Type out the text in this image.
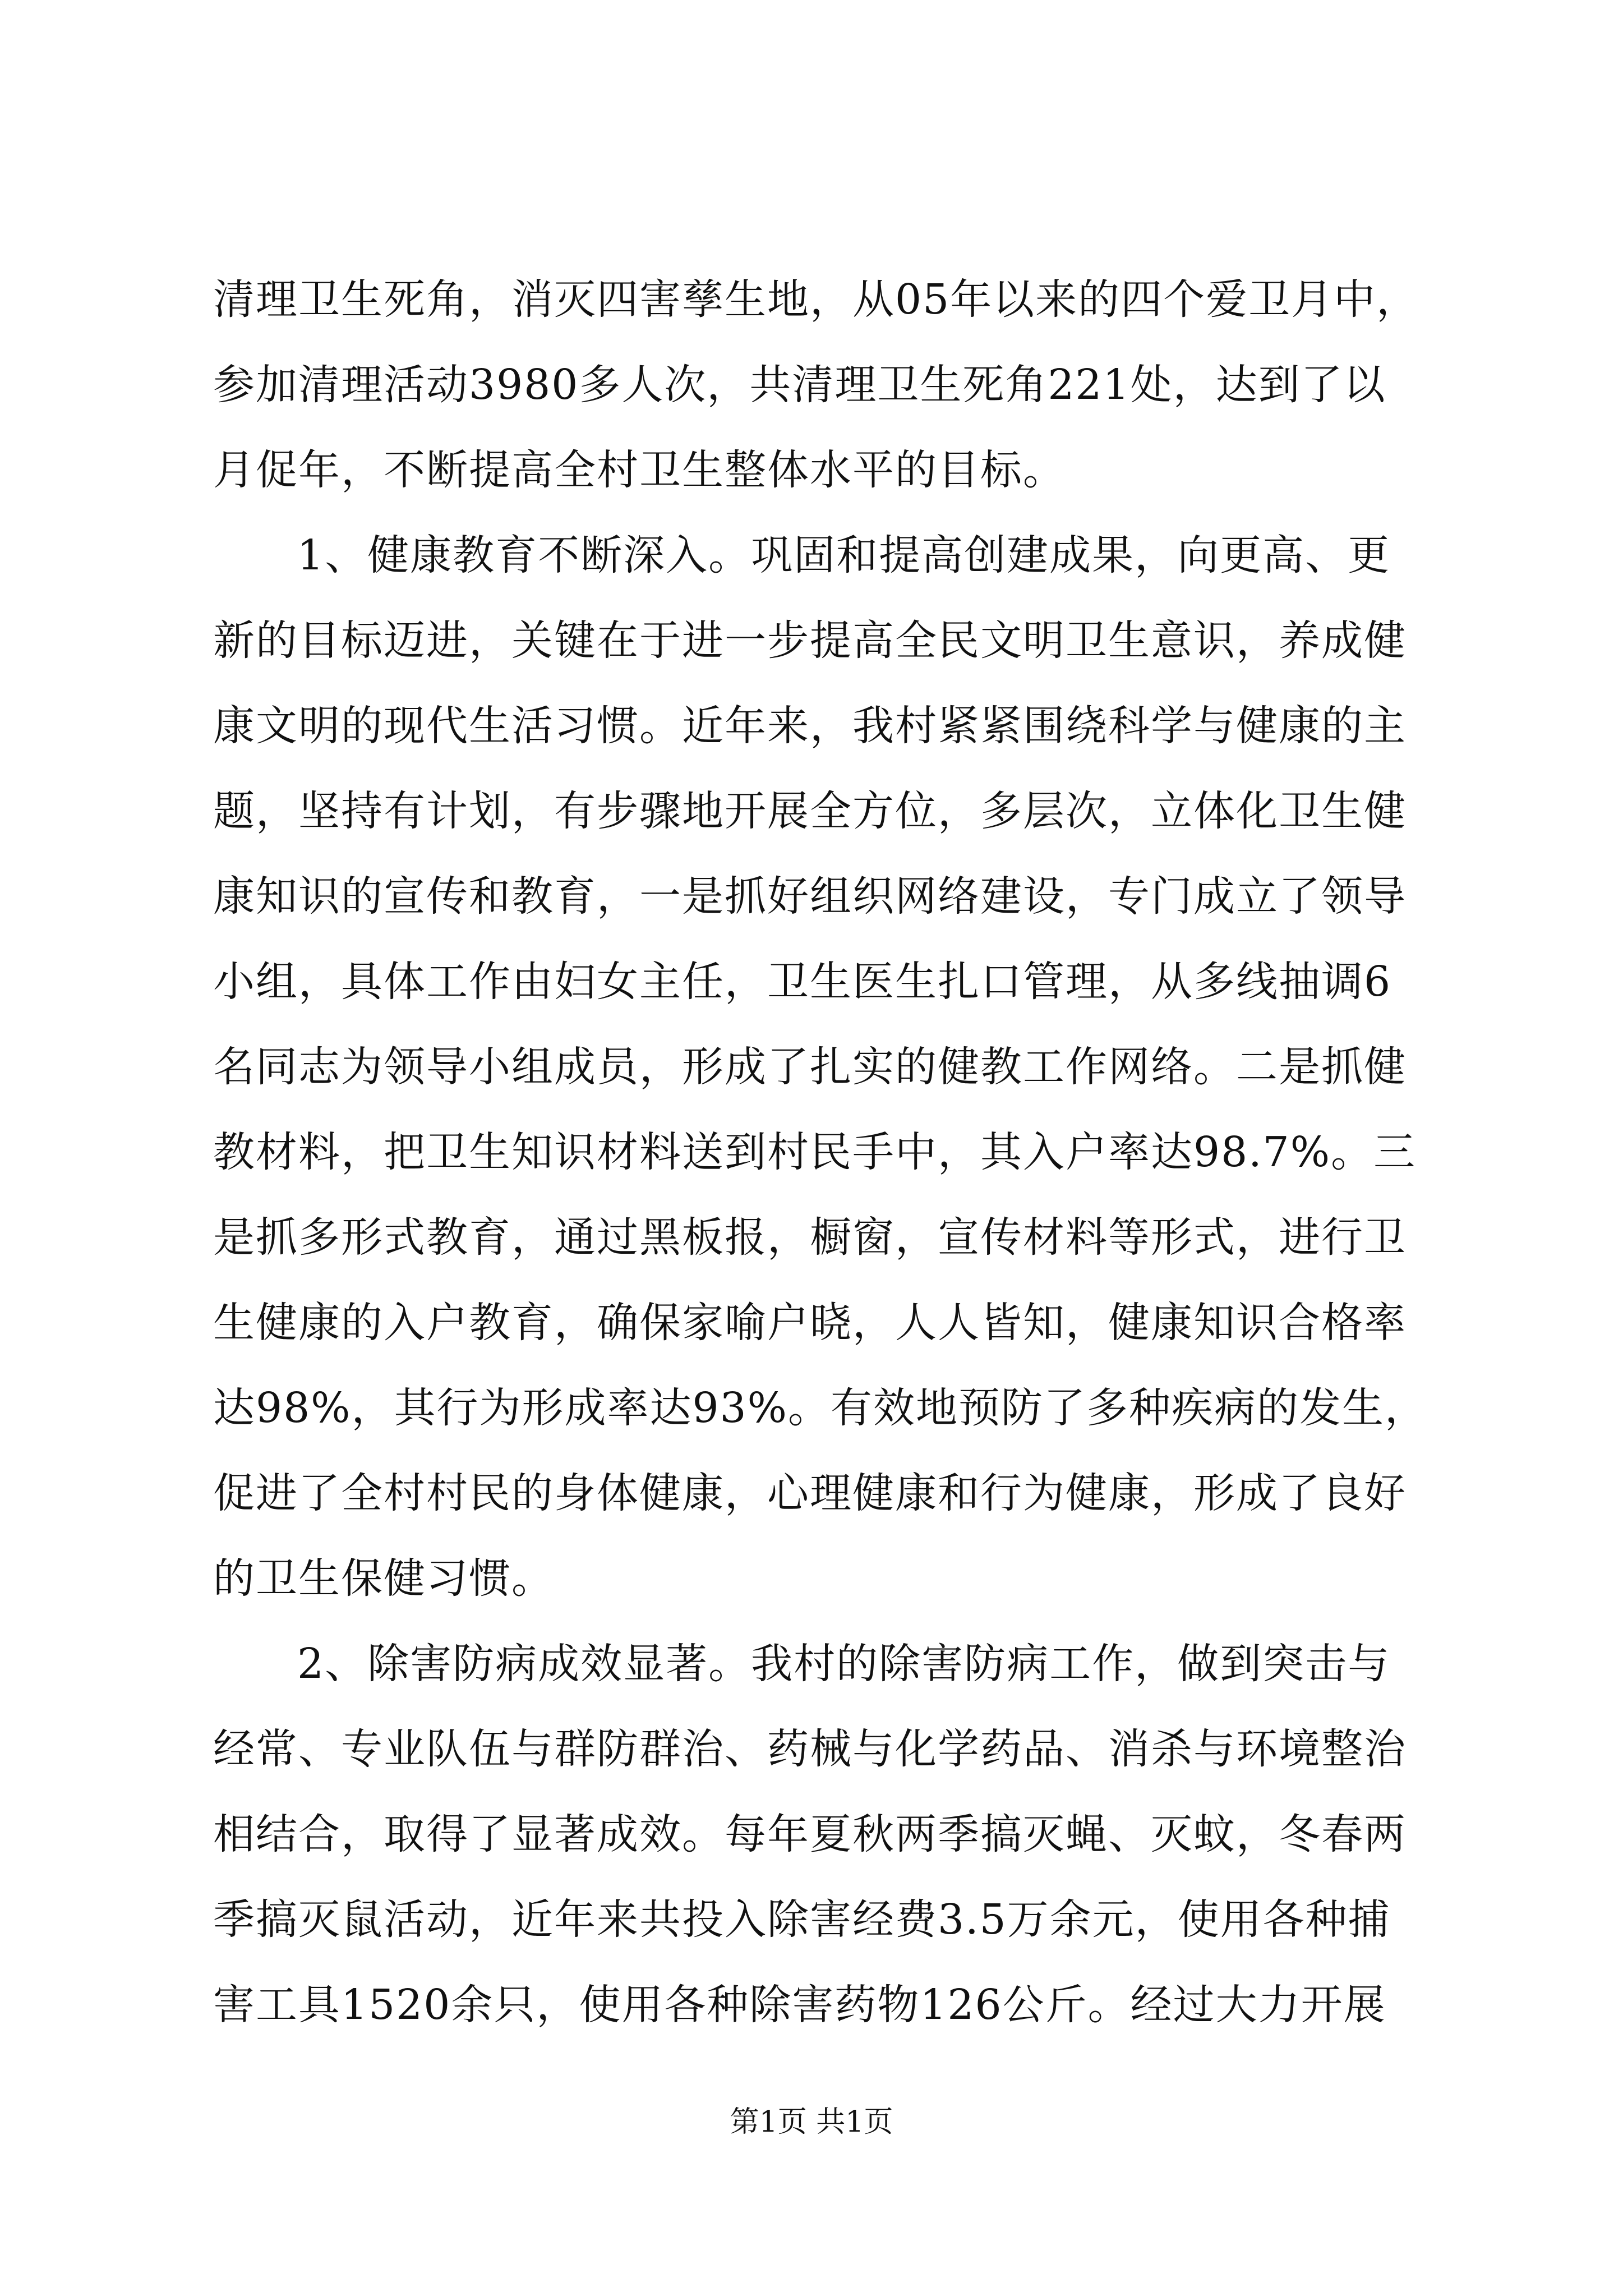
清理卫生死角，消灭四害孳生地，从05年以来的四个爱卫月中，
参加清理活动3980多人次，共清理卫生死角221处，达到了以
月促年，不断提高全村卫生整体水平的目标。
1、健康教育不断深入。巩固和提高创建成果，向更高、更
新的目标迈进，关键在于进一步提高全民文明卫生意识，养成健
康文明的现代生活习惯。近年来，我村紧紧围绕科学与健康的主
题，坚持有计划，有步骤地开展全方位，多层次，立体化卫生健
康知识的宣传和教育，一是抓好组织网络建设，专门成立了领导
小组，具体工作由妇女主任，卫生医生扎口管理，从多线抽调6
名同志为领导小组成员，形成了扎实的健教工作网络。二是抓健
教材料，把卫生知识材料送到村民手中，其入户率达98.7%。三
是抓多形式教育，通过黑板报，橱窗，宣传材料等形式，进行卫
生健康的入户教育，确保家喻户晓，人人皆知，健康知识合格率
达98%，其行为形成率达93%。有效地预防了多种疾病的发生，
促进了全村村民的身体健康，心理健康和行为健康，形成了良好
的卫生保健习惯。
2、除害防病成效显著。我村的除害防病工作，做到突击与
经常、专业队伍与群防群治、药械与化学药品、消杀与环境整治
相结合，取得了显著成效。每年夏秋两季搞灭蝇、灭蚊，冬春两
季搞灭鼠活动，近年来共投入除害经费3.5万余元，使用各种捕
害工具1520余只，使用各种除害药物126公斤。经过大力开展
第1页 共1页
